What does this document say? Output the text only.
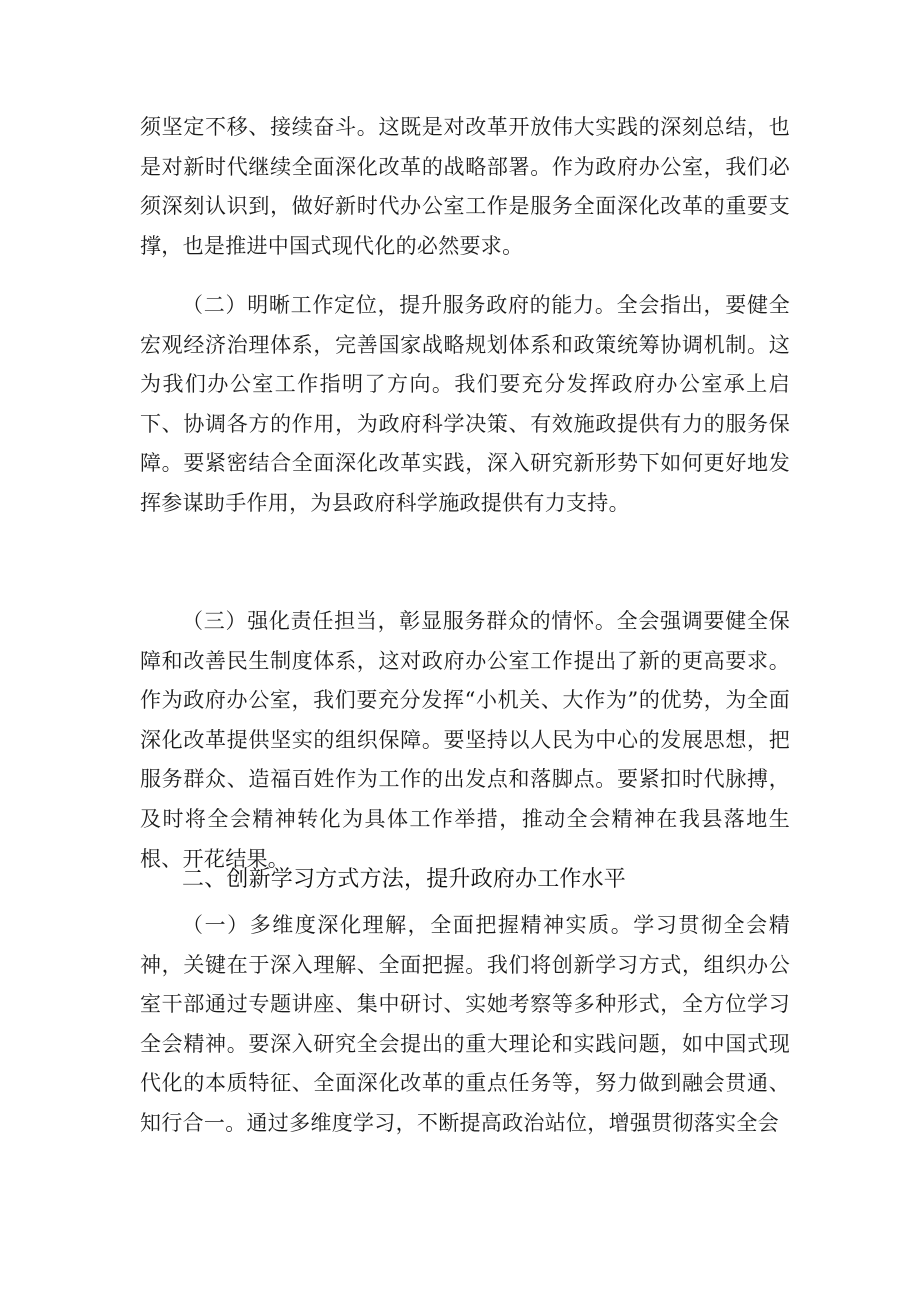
须坚定不移、接续奋斗。这既是对改革开放伟大实践的深刻总结，也是对新时代继续全面深化改革的战略部署。作为政府办公室，我们必须深刻认识到，做好新时代办公室工作是服务全面深化改革的重要支撑，也是推进中国式现代化的必然要求。
（二）明晰工作定位，提升服务政府的能力。全会指出，要健全宏观经济治理体系，完善国家战略规划体系和政策统筹协调机制。这为我们办公室工作指明了方向。我们要充分发挥政府办公室承上启下、协调各方的作用，为政府科学决策、有效施政提供有力的服务保障。要紧密结合全面深化改革实践，深入研究新形势下如何更好地发挥参谋助手作用，为县政府科学施政提供有力支持。
（三）强化责任担当，彰显服务群众的情怀。全会强调要健全保障和改善民生制度体系，这对政府办公室工作提出了新的更高要求。作为政府办公室，我们要充分发挥“小机关、大作为”的优势，为全面深化改革提供坚实的组织保障。要坚持以人民为中心的发展思想，把服务群众、造福百姓作为工作的出发点和落脚点。要紧扣时代脉搏，及时将全会精神转化为具体工作举措，推动全会精神在我县落地生根、开花结果。
二、创新学习方式方法，提升政府办工作水平
（一）多维度深化理解，全面把握精神实质。学习贯彻全会精神，关键在于深入理解、全面把握。我们将创新学习方式，组织办公室干部通过专题讲座、集中研讨、实她考察等多种形式，全方位学习全会精神。要深入研究全会提出的重大理论和实践问题，如中国式现代化的本质特征、全面深化改革的重点任务等，努力做到融会贯通、知行合一。通过多维度学习，不断提高政治站位，增强贯彻落实全会
